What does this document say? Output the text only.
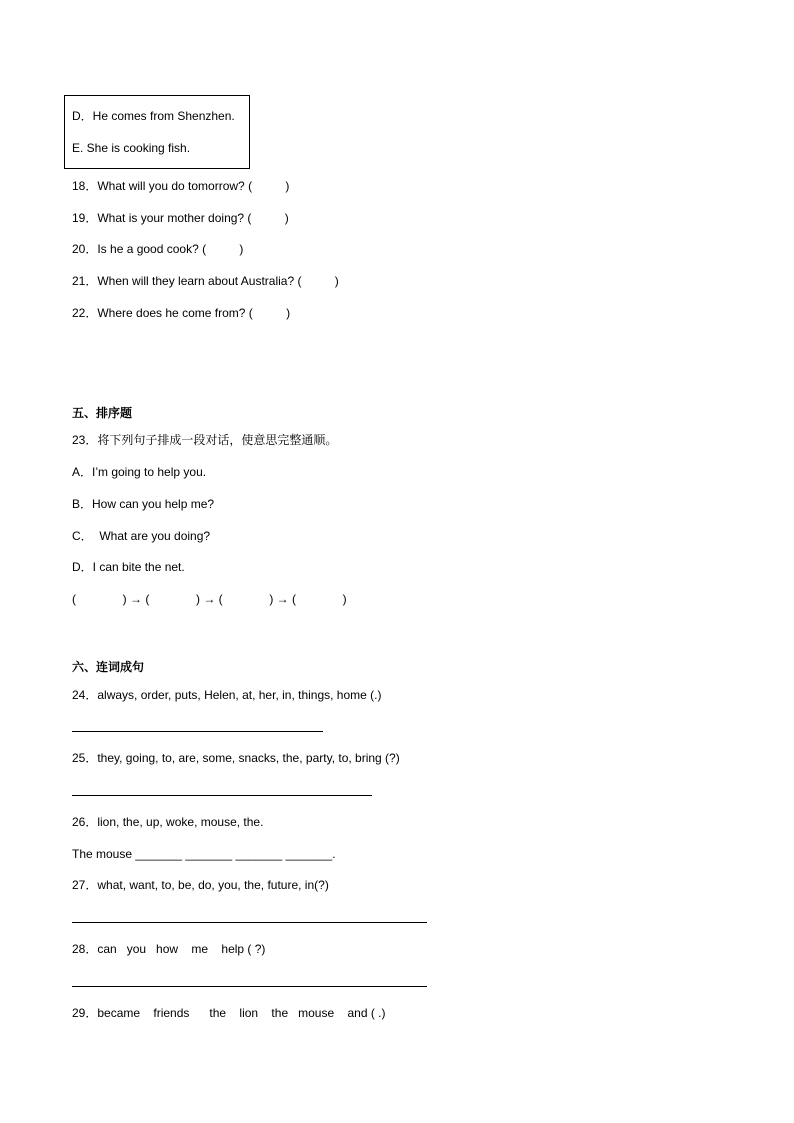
D．He comes from Shenzhen.
E. She is cooking fish.
18．What will you do tomorrow? (          )
19．What is your mother doing? (          )
20．Is he a good cook? (          )
21．When will they learn about Australia? (          )
22．Where does he come from? (          )
五、排序题
23．将下列句子排成一段对话，使意思完整通顺。
A．I’m going to help you.
B．How can you help me?
C．  What are you doing?
D．I can bite the net.
(              ) → (              ) → (              ) → (              )
六、连词成句
24．always, order, puts, Helen, at, her, in, things, home (.)
25．they, going, to, are, some, snacks, the, party, to, bring (?)
26．lion, the, up, woke, mouse, the.
The mouse _______ _______ _______ _______.
27．what, want, to, be, do, you, the, future, in(?)
28．can   you   how    me    help ( ?)
29．became    friends      the    lion    the   mouse    and ( .)
